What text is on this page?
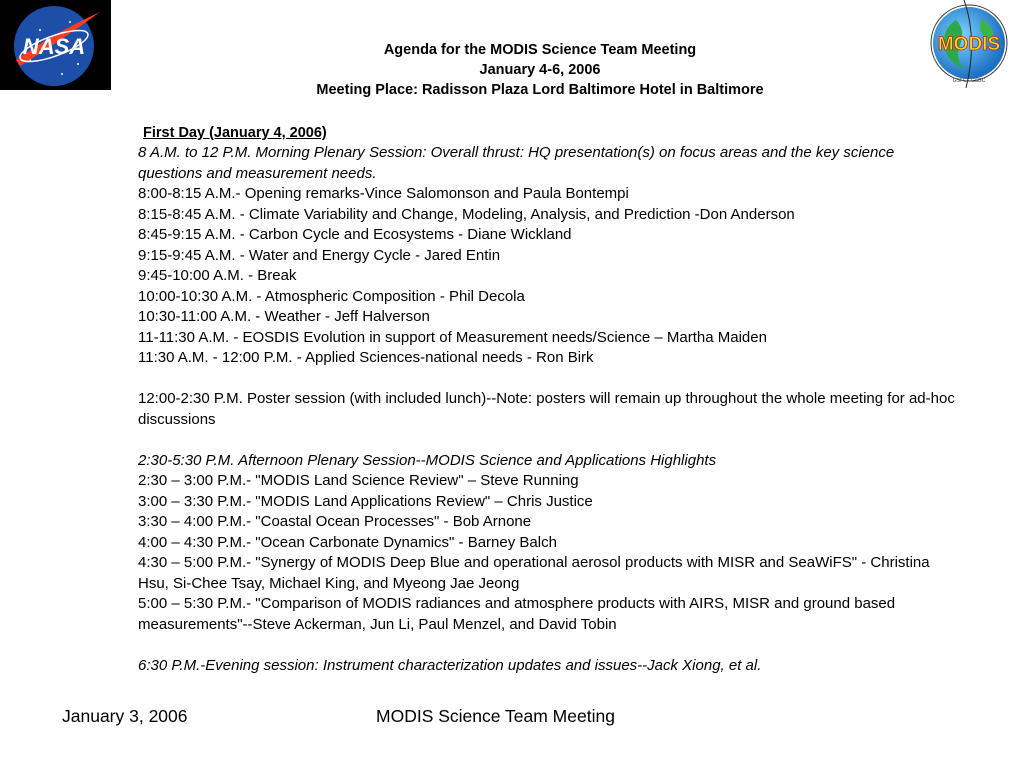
NASA	MODIS
GSFC · GSBC
Agenda for the MODIS Science Team Meeting
January 4-6, 2006
Meeting Place: Radisson Plaza Lord Baltimore Hotel in Baltimore
First Day (January 4, 2006)
8 A.M. to 12 P.M. Morning Plenary Session: Overall thrust: HQ presentation(s) on focus areas and the key science questions and measurement needs.
8:00-8:15 A.M.- Opening remarks-Vince Salomonson and Paula Bontempi
8:15-8:45 A.M. - Climate Variability and Change, Modeling, Analysis, and Prediction -Don Anderson
8:45-9:15 A.M. - Carbon Cycle and Ecosystems - Diane Wickland
9:15-9:45 A.M. - Water and Energy Cycle - Jared Entin
9:45-10:00 A.M. - Break
10:00-10:30 A.M. - Atmospheric Composition - Phil Decola
10:30-11:00 A.M. - Weather - Jeff Halverson
11-11:30 A.M. - EOSDIS Evolution in support of Measurement needs/Science – Martha Maiden
11:30 A.M. - 12:00 P.M. - Applied Sciences-national needs - Ron Birk
12:00-2:30 P.M. Poster session (with included lunch)--Note: posters will remain up throughout the whole meeting for ad-hoc discussions
2:30-5:30 P.M. Afternoon Plenary Session--MODIS Science and Applications Highlights
2:30 – 3:00 P.M.- "MODIS Land Science Review" – Steve Running
3:00 – 3:30 P.M.- "MODIS Land Applications Review" – Chris Justice
3:30 – 4:00 P.M.- "Coastal Ocean Processes" - Bob Arnone
4:00 – 4:30 P.M.- "Ocean Carbonate Dynamics" - Barney Balch
4:30 – 5:00 P.M.- "Synergy of MODIS Deep Blue and operational aerosol products with MISR and SeaWiFS" - Christina Hsu, Si-Chee Tsay, Michael King, and Myeong Jae Jeong
5:00 – 5:30 P.M.- "Comparison of MODIS radiances and atmosphere products with AIRS, MISR and ground based measurements"--Steve Ackerman, Jun Li, Paul Menzel, and David Tobin
6:30 P.M.-Evening session: Instrument characterization updates and issues--Jack Xiong, et al.
January 3, 2006	MODIS Science Team Meeting
